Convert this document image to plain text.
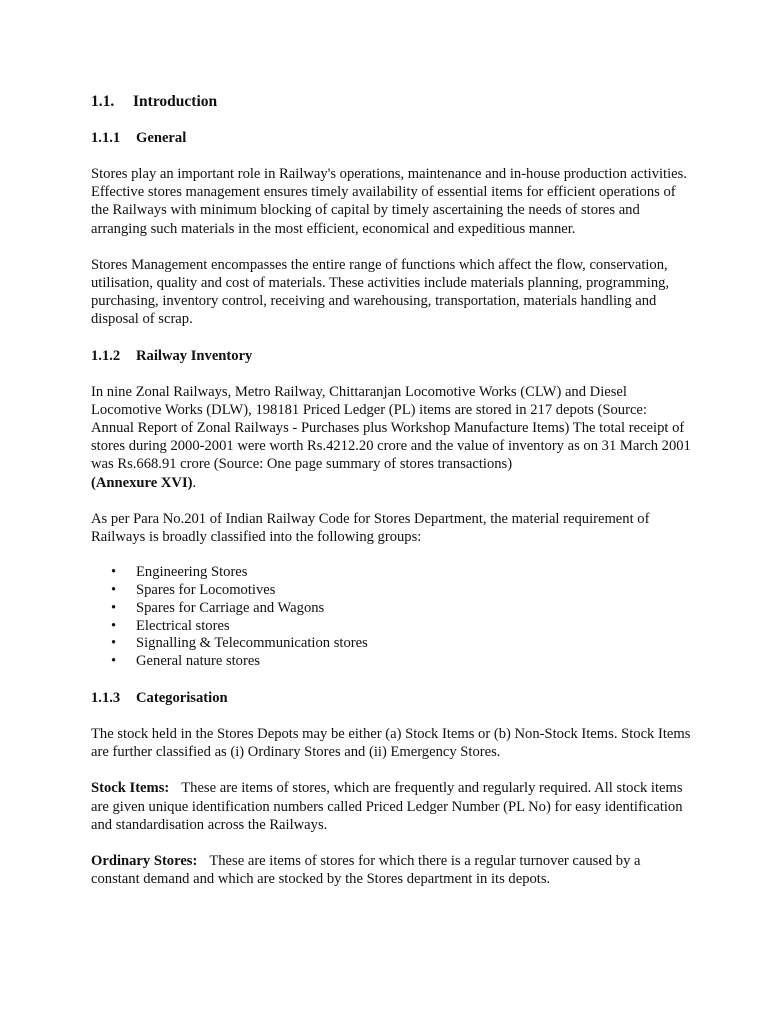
1.1. Introduction
1.1.1 General

Stores play an important role in Railway's operations, maintenance and in-house production activities. Effective stores management ensures timely availability of essential items for efficient operations of the Railways with minimum blocking of capital by timely ascertaining the needs of stores and arranging such materials in the most efficient, economical and expeditious manner.

Stores Management encompasses the entire range of functions which affect the flow, conservation, utilisation, quality and cost of materials. These activities include materials planning, programming, purchasing, inventory control, receiving and warehousing, transportation, materials handling and disposal of scrap.

1.1.2 Railway Inventory

In nine Zonal Railways, Metro Railway, Chittaranjan Locomotive Works (CLW) and Diesel Locomotive Works (DLW), 198181 Priced Ledger (PL) items are stored in 217 depots (Source: Annual Report of Zonal Railways - Purchases plus Workshop Manufacture Items) The total receipt of stores during 2000-2001 were worth Rs.4212.20 crore and the value of inventory as on 31 March 2001 was Rs.668.91 crore (Source: One page summary of stores transactions)
(Annexure XVI).

As per Para No.201 of Indian Railway Code for Stores Department, the material requirement of Railways is broadly classified into the following groups:

• Engineering Stores
• Spares for Locomotives
• Spares for Carriage and Wagons
• Electrical stores
• Signalling & Telecommunication stores
• General nature stores
1.1.3 Categorisation

The stock held in the Stores Depots may be either (a) Stock Items or (b) Non-Stock Items. Stock Items are further classified as (i) Ordinary Stores and (ii) Emergency Stores.

Stock Items: These are items of stores, which are frequently and regularly required. All stock items are given unique identification numbers called Priced Ledger Number (PL No) for easy identification and standardisation across the Railways.

Ordinary Stores: These are items of stores for which there is a regular turnover caused by a constant demand and which are stocked by the Stores department in its depots.
